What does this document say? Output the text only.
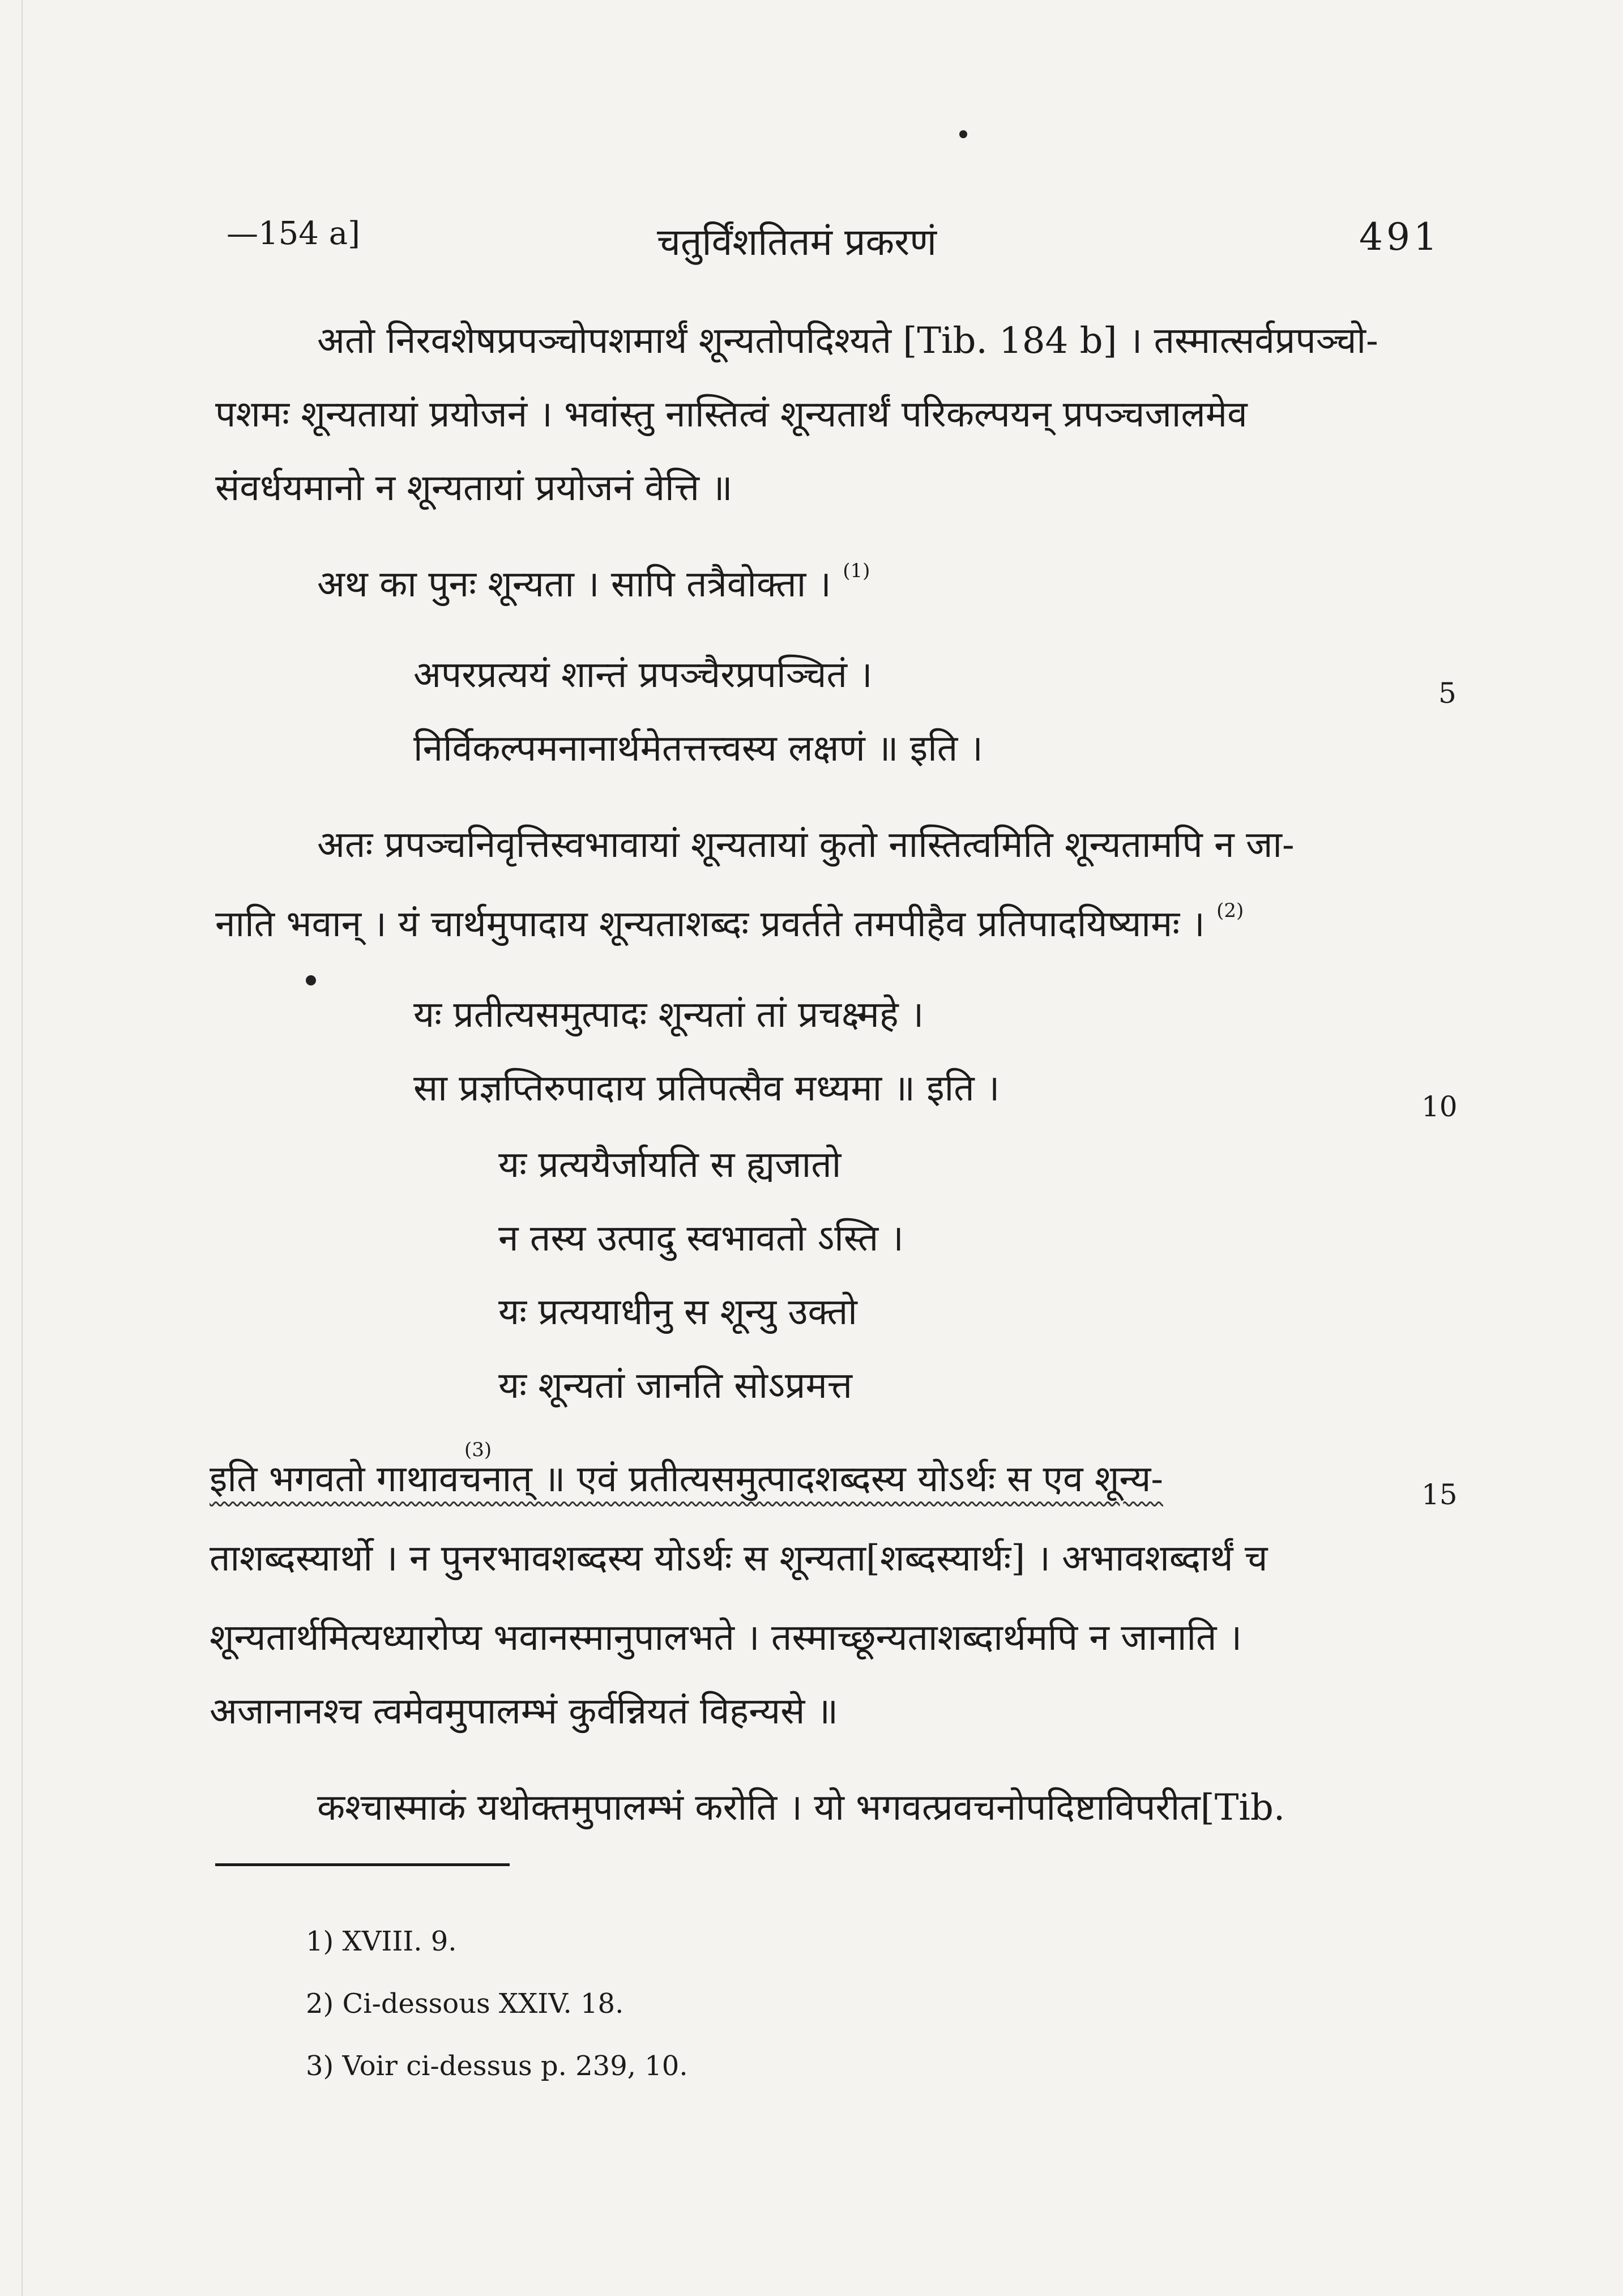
—154 a]	चतुर्विंशतितमं प्रकरणं	491
अतो निरवशेषप्रपञ्चोपशमार्थं शून्यतोपदिश्यते [Tib. 184 b] । तस्मात्सर्वप्रपञ्चो-
पशमः शून्यतायां प्रयोजनं । भवांस्तु नास्तित्वं शून्यतार्थं परिकल्पयन् प्रपञ्चजालमेव
संवर्धयमानो न शून्यतायां प्रयोजनं वेत्ति ॥
अथ का पुनः शून्यता । सापि तत्रैवोक्ता । $^{(1)}$
अपरप्रत्ययं शान्तं प्रपञ्चैरप्रपञ्चितं ।
निर्विकल्पमनानार्थमेतत्तत्त्वस्य लक्षणं ॥ इति ।
5
अतः प्रपञ्चनिवृत्तिस्वभावायां शून्यतायां कुतो नास्तित्वमिति शून्यतामपि न जा-
नाति भवान् । यं चार्थमुपादाय शून्यताशब्दः प्रवर्तते तमपीहैव प्रतिपादयिष्यामः । $^{(2)}$
यः प्रतीत्यसमुत्पादः शून्यतां तां प्रचक्ष्महे ।
सा प्रज्ञप्तिरुपादाय प्रतिपत्सैव मध्यमा ॥ इति ।	10
यः प्रत्ययैर्जायति स ह्यजातो
न तस्य उत्पादु स्वभावतो ऽस्ति ।
यः प्रत्ययाधीनु स शून्यु उक्तो
यः शून्यतां जानति सोऽप्रमत्त
इति भगवतो गाथावचनात् ॥ एवं प्रतीत्यसमुत्पादशब्दस्य योऽर्थः स एव शून्य-
(3)
15
ताशब्दस्यार्थो । न पुनरभावशब्दस्य योऽर्थः स शून्यता[शब्दस्यार्थः] । अभावशब्दार्थं च
शून्यतार्थमित्यध्यारोप्य भवानस्मानुपालभते । तस्माच्छून्यताशब्दार्थमपि न जानाति ।
अजानानश्च त्वमेवमुपालम्भं कुर्वन्नियतं विहन्यसे ॥
कश्चास्माकं यथोक्तमुपालम्भं करोति । यो भगवत्प्रवचनोपदिष्टाविपरीत[Tib.
1) XVIII. 9.
2) Ci-dessous XXIV. 18.
3) Voir ci-dessus p. 239, 10.
